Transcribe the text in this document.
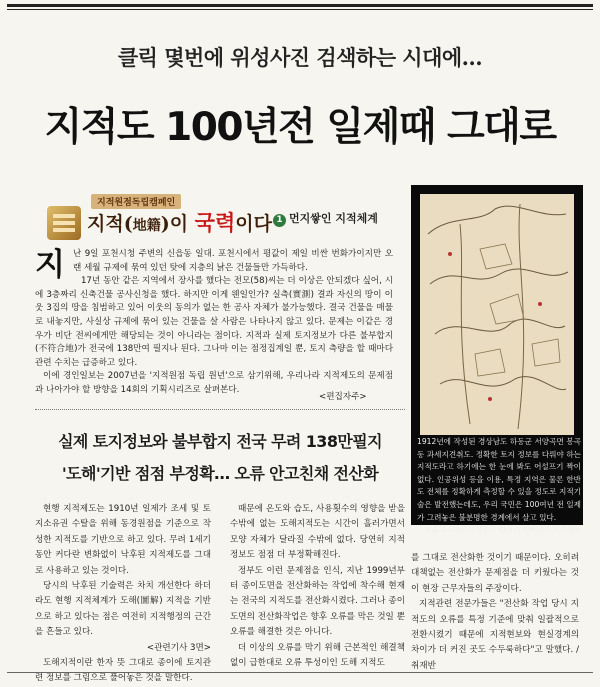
클릭 몇번에 위성사진 검색하는 시대에…
지적도 100년전 일제때 그대로
지적원점독립캠페인
지적(地籍)이 국력이다 1 먼지쌓인 지적체계
지 난 9일 포천시청 주변의 신읍동 일대. 포천시에서 평값이 제일 비싼 번화가이지만 오랜 세월 규제에 묶여 있던 탓에 지층의 낡은 건물들만 가득하다.

17년 동안 같은 지역에서 장사를 했다는 전모(58)씨는 더 이상은 안되겠다 싶어, 시에 3층짜리 신축건물 공사신청을 했다. 하지만 이게 웬일인가? 실측(實測) 결과 자신의 땅이 이웃 3집의 땅을 침범하고 있어 이웃의 동의가 없는 한 공사 자체가 불가능했다. 결국 건물을 매물로 내놓지만, 사실상 규제에 묶어 있는 건물을 살 사람은 나타나지 않고 있다. 문제는 이같은 경우가 비단 전씨에게만 해당되는 것이 아니라는 점이다. 지적과 실제 토지정보가 다른 불부합지(不符合地)가 전국에 138만여 필지나 된다. 그나마 이는 점정집계일 뿐, 토지 측량을 할 때마다 관련 수치는 급증하고 있다.

이에 경인일보는 2007년을 '지적원점 독립 원년'으로 삼기위해, 우리나라 지적제도의 문제점과 나아가야 할 방향을 14회의 기획시리즈로 살펴본다.

<편집자주>
실제 토지정보와 불부합지 전국 무려 138만필지
'도해'기반 점점 부정확… 오류 안고친채 전산화

현행 지적제도는 1910년 일제가 조세 및 토지소유권 수탈을 위해 동경원점을 기준으로 작성한 지적도를 기반으로 하고 있다. 무려 1세기 동안 커다란 변화없이 낙후된 지적제도를 그대로 사용하고 있는 것이다.

당시의 낙후된 기술력은 차치 개선한다 하더라도 현행 지적체계가 도해(圖解) 지적을 기반으로 하고 있다는 점은 여전히 지적행정의 근간을 흔들고 있다.

<관련기사 3면>

도해지적이란 한자 뜻 그대로 종이에 토지관련 정보를 그림으로 풀어놓은 것을 말한다.

때문에 온도와 습도, 사용횟수의 영향을 받을 수밖에 없는 도해지적도는 시간이 흘러가면서 모양 자체가 달라질 수밖에 없다. 당연히 지적 정보도 점점 더 부정확해진다.

정부도 이런 문제점을 인식, 지난 1999년부터 종이도면을 전산화하는 작업에 착수해 현재는 전국의 지적도를 전산화시켰다. 그러나 종이도면의 전산화작업은 향후 오류를 막은 것일 뿐 오류를 해결한 것은 아니다.

더 이상의 오류를 막기 위해 근본적인 해결책 없이 급한대로 오류 투성이인 도해 지적도

를 그대로 전산화한 것이기 때문이다. 오히려 대책없는 전산화가 문제점을 더 키웠다는 것이 현장 근무자들의 주장이다.

지적관련 전문가들은 "전산화 작업 당시 지적도의 오류를 특정 기준에 맞춰 일괄적으로 전환시켰기 때문에 지적현보와 현실경계의 차이가 더 커진 곳도 수두룩하다"고 말했다. /취재반

1912년에 작성된 경상남도 하동군 서양곡면 봉곡동 과세지견취도. 정확한 토지 정보를 다뤄야 하는 지적도라고 하기에는 한 눈에 봐도 어설프기 짝이 없다. 인공위성 등을 이용, 특정 지역은 물론 한반도 전체를 정확하게 측정할 수 있을 정도로 지적기술은 발전했는데도, 우리 국민은 100여년 전 일제가 그려놓은 불분명한 경계에서 살고 있다.
<출처=대한지적공사 한국지적백년사 역사편>
